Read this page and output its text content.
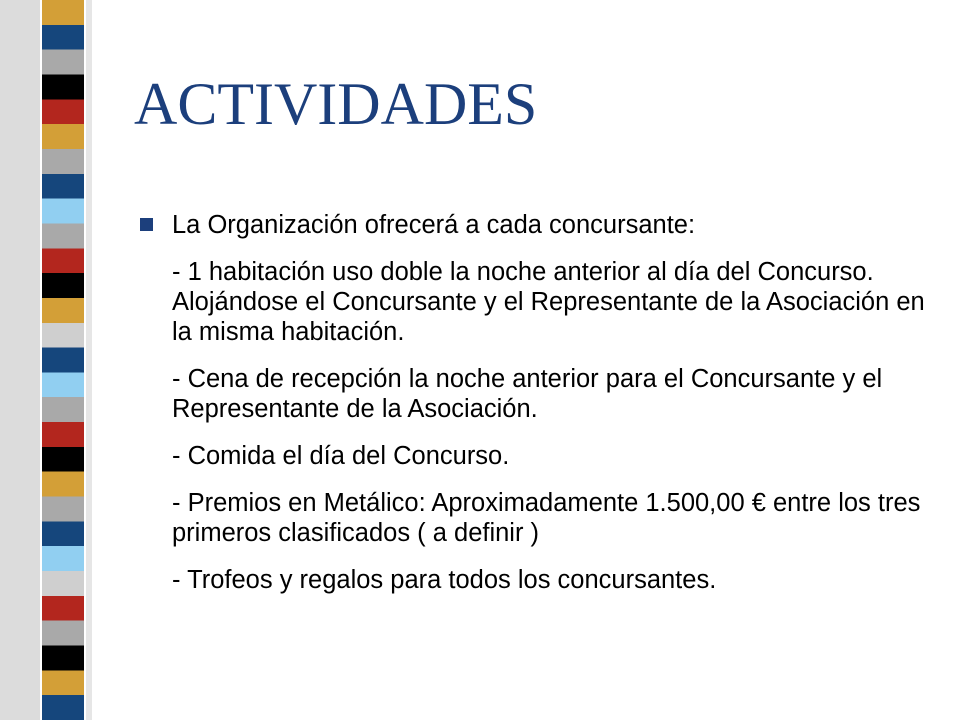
ACTIVIDADES
La Organización ofrecerá a cada concursante:
- 1 habitación uso doble la noche anterior al día del Concurso. Alojándose el Concursante y el Representante de la Asociación en la misma habitación.
- Cena de recepción la noche anterior para el Concursante y el Representante de la Asociación.
- Comida el día del Concurso.
- Premios en Metálico: Aproximadamente 1.500,00 € entre los tres primeros clasificados ( a definir )
- Trofeos y regalos para todos los concursantes.
